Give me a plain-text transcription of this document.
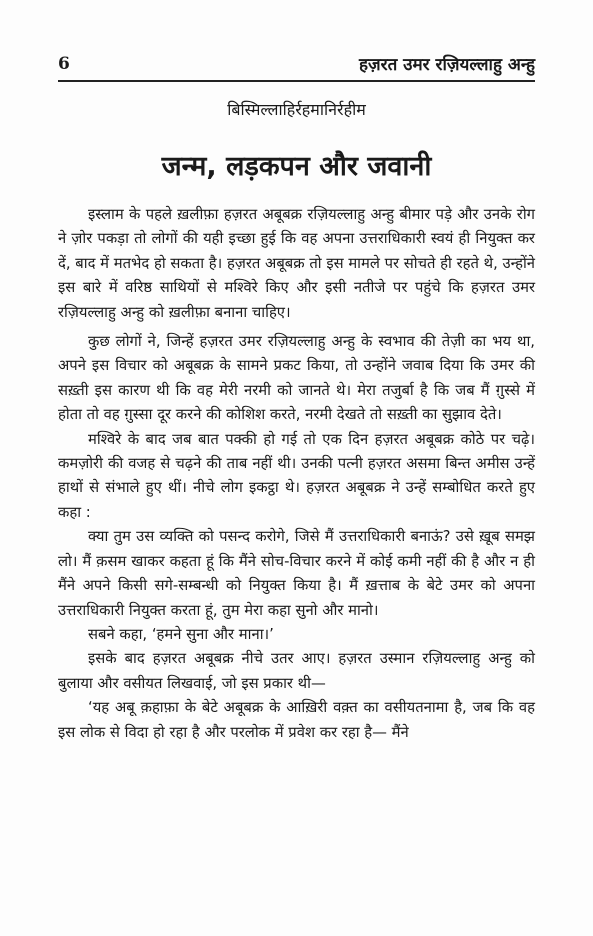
6	हज़रत उमर रज़ियल्लाहु अन्हु
बिस्मिल्लाहिर्रहमानिर्रहीम
जन्म, लड़कपन और जवानी

इस्लाम के पहले ख़लीफ़ा हज़रत अबूबक्र रज़ियल्लाहु अन्हु बीमार पड़े और उनके रोग ने ज़ोर पकड़ा तो लोगों की यही इच्छा हुई कि वह अपना उत्तराधिकारी स्वयं ही नियुक्त कर दें, बाद में मतभेद हो सकता है। हज़रत अबूबक्र तो इस मामले पर सोचते ही रहते थे, उन्होंने इस बारे में वरिष्ठ साथियों से मश्विरे किए और इसी नतीजे पर पहुंचे कि हज़रत उमर रज़ियल्लाहु अन्हु को ख़लीफ़ा बनाना चाहिए।

कुछ लोगों ने, जिन्हें हज़रत उमर रज़ियल्लाहु अन्हु के स्वभाव की तेज़ी का भय था, अपने इस विचार को अबूबक्र के सामने प्रकट किया, तो उन्होंने जवाब दिया कि उमर की सख़्ती इस कारण थी कि वह मेरी नरमी को जानते थे। मेरा तजुर्बा है कि जब मैं ग़ुस्से में होता तो वह ग़ुस्सा दूर करने की कोशिश करते, नरमी देखते तो सख़्ती का सुझाव देते।

मश्विरे के बाद जब बात पक्की हो गई तो एक दिन हज़रत अबूबक्र कोठे पर चढ़े। कमज़ोरी की वजह से चढ़ने की ताब नहीं थी। उनकी पत्नी हज़रत असमा बिन्त अमीस उन्हें हाथों से संभाले हुए थीं। नीचे लोग इकट्ठा थे। हज़रत अबूबक्र ने उन्हें सम्बोधित करते हुए कहा :

क्या तुम उस व्यक्ति को पसन्द करोगे, जिसे मैं उत्तराधिकारी बनाऊं? उसे ख़ूब समझ लो। मैं क़सम खाकर कहता हूं कि मैंने सोच-विचार करने में कोई कमी नहीं की है और न ही मैंने अपने किसी सगे-सम्बन्धी को नियुक्त किया है। मैं ख़त्ताब के बेटे उमर को अपना उत्तराधिकारी नियुक्त करता हूं, तुम मेरा कहा सुनो और मानो।

सबने कहा, ‘हमने सुना और माना।’

इसके बाद हज़रत अबूबक्र नीचे उतर आए। हज़रत उस्मान रज़ियल्लाहु अन्हु को बुलाया और वसीयत लिखवाई, जो इस प्रकार थी—

‘यह अबू क़हाफ़ा के बेटे अबूबक्र के आख़िरी वक़्त का वसीयतनामा है, जब कि वह इस लोक से विदा हो रहा है और परलोक में प्रवेश कर रहा है— मैंने
